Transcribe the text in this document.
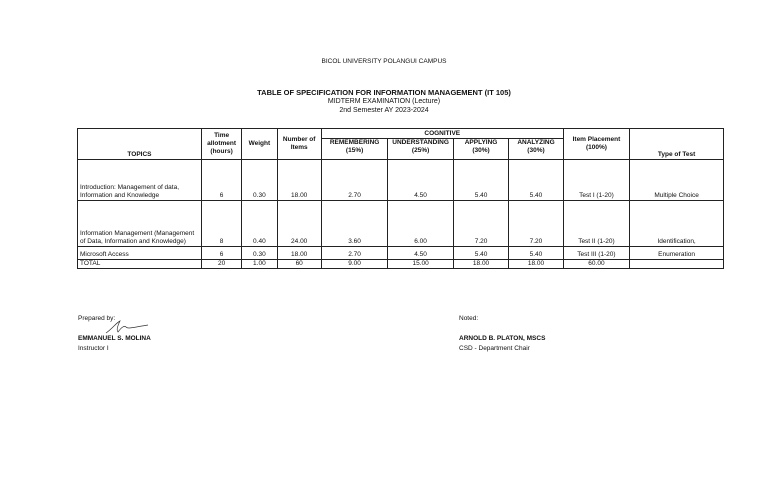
BICOL UNIVERSITY POLANGUI CAMPUS
TABLE OF SPECIFICATION FOR INFORMATION MANAGEMENT (IT 105)
MIDTERM EXAMINATION (Lecture)
2nd Semester AY 2023-2024
TOPICS	Time allotment (hours)	Weight	Number of Items	COGNITIVE				Item Placement (100%)	Type of Test
				REMEMBERING (15%)	UNDERSTANDING (25%)	APPLYING (30%)	ANALYZING (30%)		
Introduction: Management of data, Information and Knowledge	6	0.30	18.00	2.70	4.50	5.40	5.40	Test I (1-20)	Multiple Choice
Information Management (Management of Data, Information and Knowledge)	8	0.40	24.00	3.60	6.00	7.20	7.20	Test II (1-20)	Identification,
Microsoft Access	6	0.30	18.00	2.70	4.50	5.40	5.40	Test III (1-20)	Enumeration
TOTAL	20	1.00	60	9.00	15.00	18.00	18.00	60.00	
Prepared by:
EMMANUEL S. MOLINA
Instructor I
Noted:
ARNOLD B. PLATON, MSCS
CSD - Department Chair
